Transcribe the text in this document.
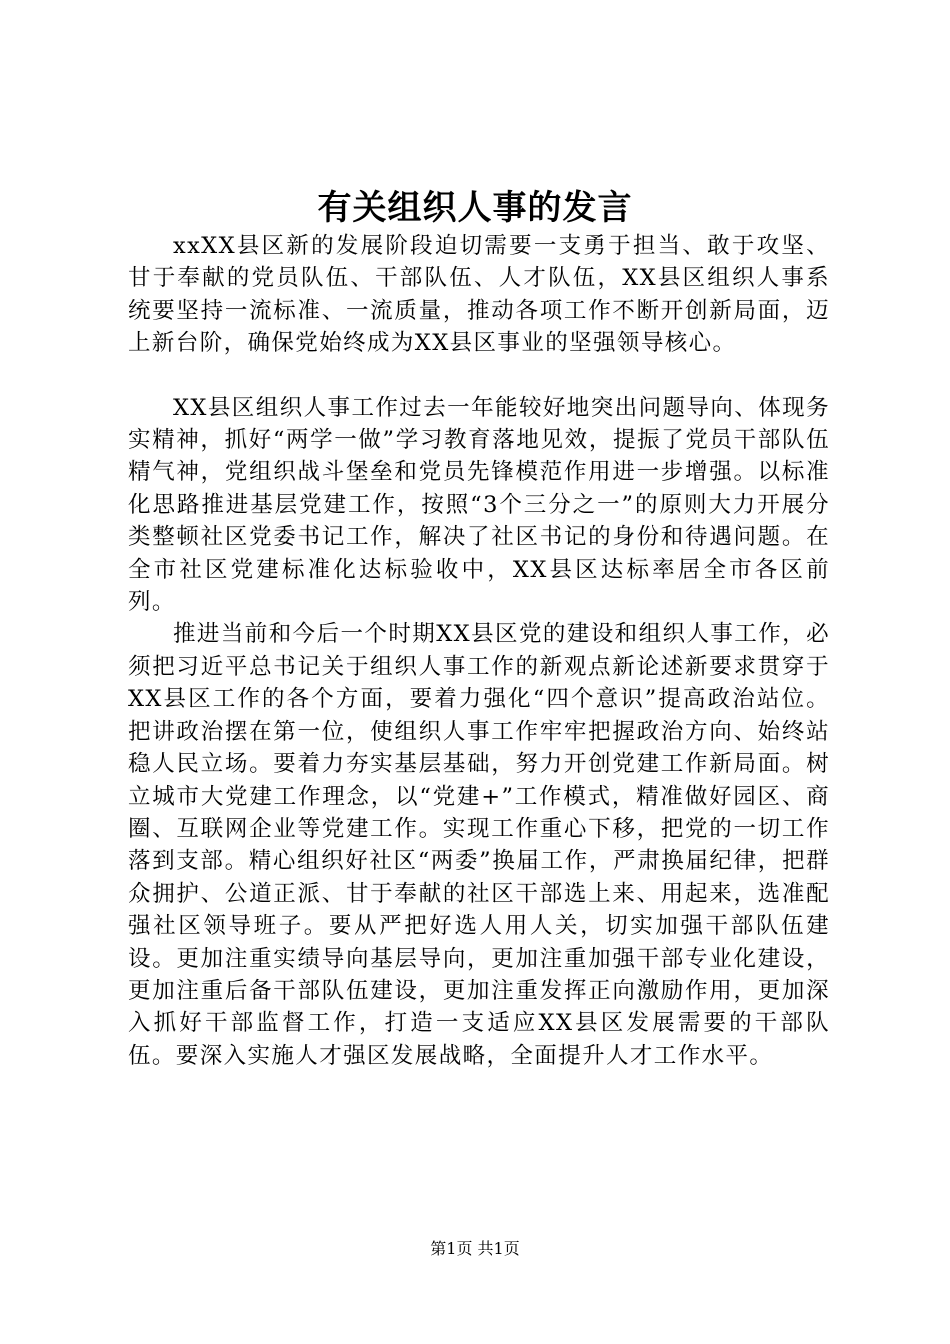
有关组织人事的发言

xxXX县区新的发展阶段迫切需要一支勇于担当、敢于攻坚、甘于奉献的党员队伍、干部队伍、人才队伍，XX县区组织人事系统要坚持一流标准、一流质量，推动各项工作不断开创新局面，迈上新台阶，确保党始终成为XX县区事业的坚强领导核心。

XX县区组织人事工作过去一年能较好地突出问题导向、体现务实精神，抓好“两学一做”学习教育落地见效，提振了党员干部队伍精气神，党组织战斗堡垒和党员先锋模范作用进一步增强。以标准化思路推进基层党建工作，按照“3个三分之一”的原则大力开展分类整顿社区党委书记工作，解决了社区书记的身份和待遇问题。在全市社区党建标准化达标验收中，XX县区达标率居全市各区前列。

推进当前和今后一个时期XX县区党的建设和组织人事工作，必须把习近平总书记关于组织人事工作的新观点新论述新要求贯穿于XX县区工作的各个方面，要着力强化“四个意识”提高政治站位。把讲政治摆在第一位，使组织人事工作牢牢把握政治方向、始终站稳人民立场。要着力夯实基层基础，努力开创党建工作新局面。树立城市大党建工作理念，以“党建+”工作模式，精准做好园区、商圈、互联网企业等党建工作。实现工作重心下移，把党的一切工作落到支部。精心组织好社区“两委”换届工作，严肃换届纪律，把群众拥护、公道正派、甘于奉献的社区干部选上来、用起来，选准配强社区领导班子。要从严把好选人用人关，切实加强干部队伍建设。更加注重实绩导向基层导向，更加注重加强干部专业化建设，更加注重后备干部队伍建设，更加注重发挥正向激励作用，更加深入抓好干部监督工作，打造一支适应XX县区发展需要的干部队伍。要深入实施人才强区发展战略，全面提升人才工作水平。

第1页 共1页
